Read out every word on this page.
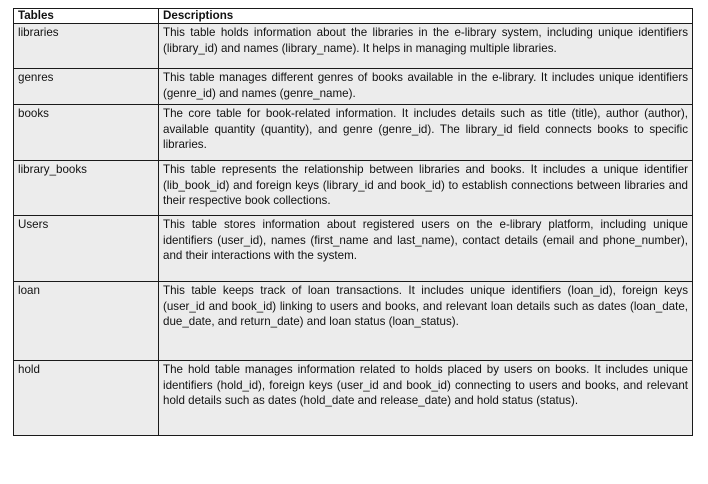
Tables	Descriptions
libraries	This table holds information about the libraries in the e-library system, including unique identifiers (library_id) and names (library_name). It helps in managing multiple libraries.
genres	This table manages different genres of books available in the e-library. It includes unique identifiers (genre_id) and names (genre_name).
books	The core table for book-related information. It includes details such as title (title), author (author), available quantity (quantity), and genre (genre_id). The library_id field connects books to specific libraries.
library_books	This table represents the relationship between libraries and books. It includes a unique identifier (lib_book_id) and foreign keys (library_id and book_id) to establish connections between libraries and their respective book collections.
Users	This table stores information about registered users on the e-library platform, including unique identifiers (user_id), names (first_name and last_name), contact details (email and phone_number), and their interactions with the system.
loan	This table keeps track of loan transactions. It includes unique identifiers (loan_id), foreign keys (user_id and book_id) linking to users and books, and relevant loan details such as dates (loan_date, due_date, and return_date) and loan status (loan_status).
hold	The hold table manages information related to holds placed by users on books. It includes unique identifiers (hold_id), foreign keys (user_id and book_id) connecting to users and books, and relevant hold details such as dates (hold_date and release_date) and hold status (status).
